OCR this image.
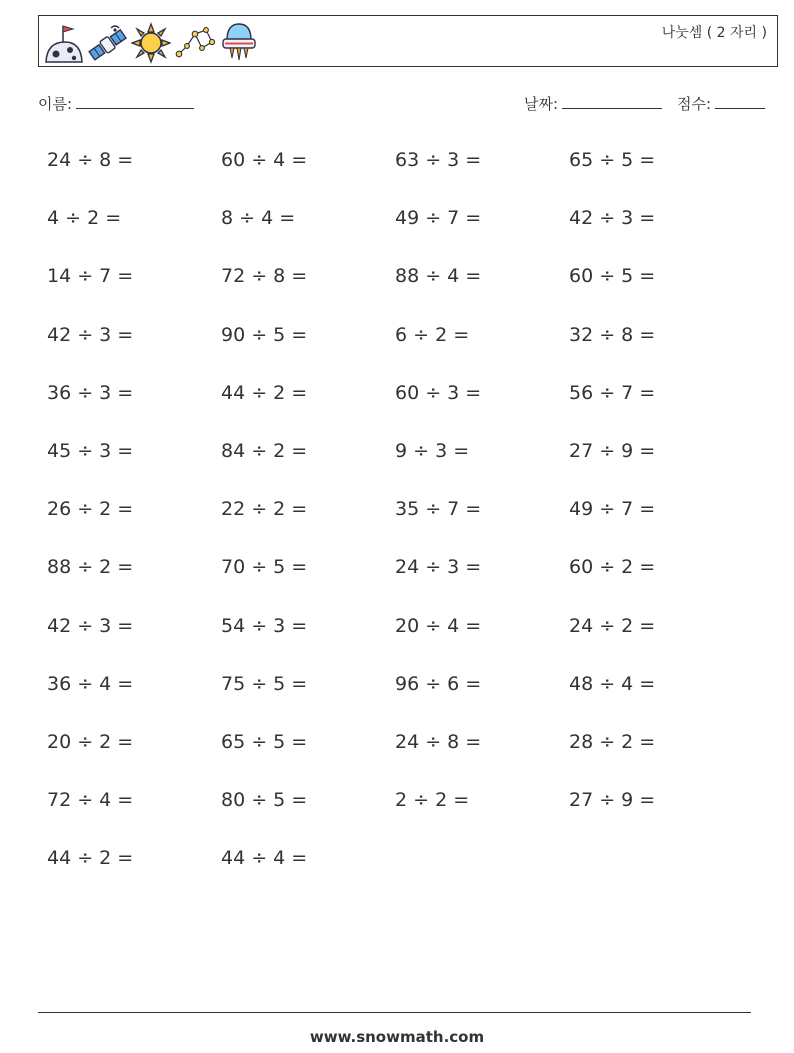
나눗셈 ( 2 자리 )
이름:	날짜:	점수:
24 ÷ 8 =	60 ÷ 4 =	63 ÷ 3 =	65 ÷ 5 =
4 ÷ 2 =	8 ÷ 4 =	49 ÷ 7 =	42 ÷ 3 =
14 ÷ 7 =	72 ÷ 8 =	88 ÷ 4 =	60 ÷ 5 =
42 ÷ 3 =	90 ÷ 5 =	6 ÷ 2 =	32 ÷ 8 =
36 ÷ 3 =	44 ÷ 2 =	60 ÷ 3 =	56 ÷ 7 =
45 ÷ 3 =	84 ÷ 2 =	9 ÷ 3 =	27 ÷ 9 =
26 ÷ 2 =	22 ÷ 2 =	35 ÷ 7 =	49 ÷ 7 =
88 ÷ 2 =	70 ÷ 5 =	24 ÷ 3 =	60 ÷ 2 =
42 ÷ 3 =	54 ÷ 3 =	20 ÷ 4 =	24 ÷ 2 =
36 ÷ 4 =	75 ÷ 5 =	96 ÷ 6 =	48 ÷ 4 =
20 ÷ 2 =	65 ÷ 5 =	24 ÷ 8 =	28 ÷ 2 =
72 ÷ 4 =	80 ÷ 5 =	2 ÷ 2 =	27 ÷ 9 =
44 ÷ 2 =	44 ÷ 4 =
www.snowmath.com
